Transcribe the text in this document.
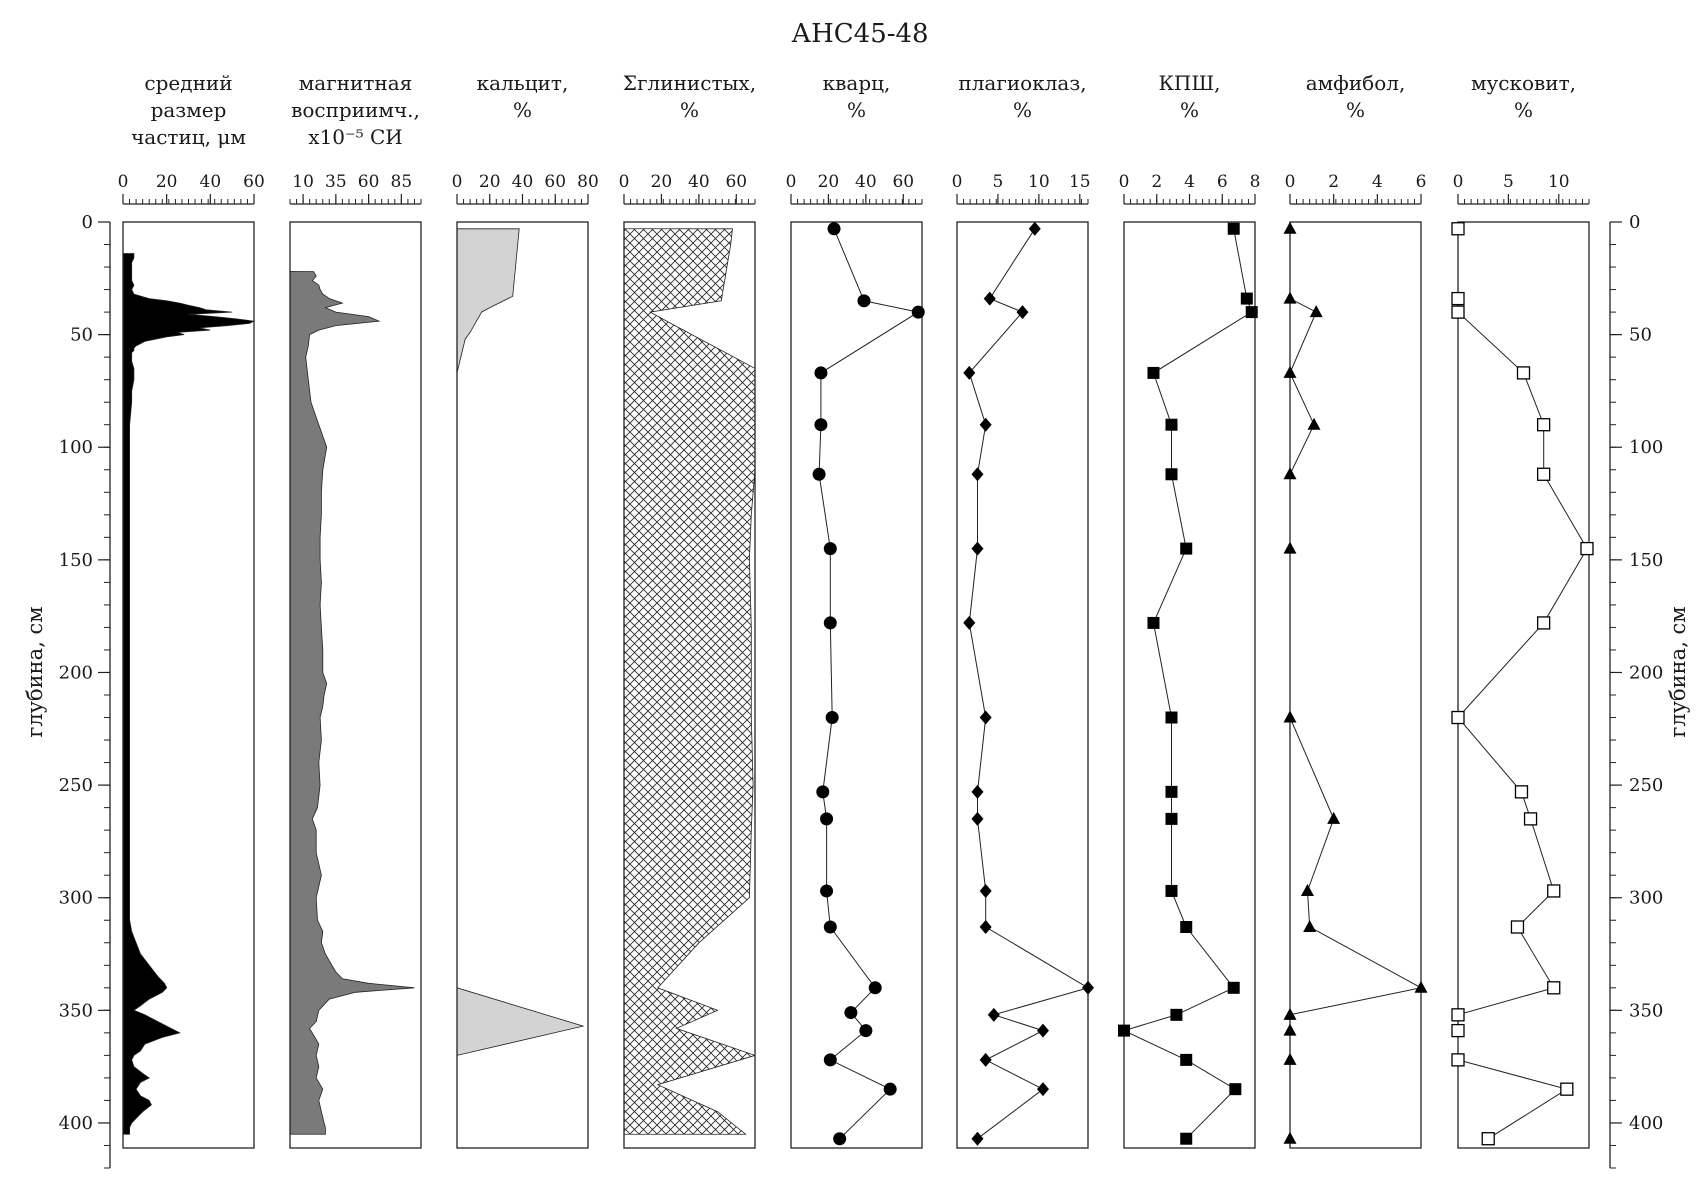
АНС45-48
средний
размер
частиц, μм
0 20 40 60
магнитная
восприимч.,
x10⁻⁵ СИ
10 35 60 85
кальцит,
%
0 20 40 60 80
Σглинистых,
%
0 20 40 60
кварц,
%
0 20 40 60
плагиоклаз,
%
0 5 10 15
КПШ,
%
0 2 4 6 8
амфибол,
%
0 2 4 6
мусковит,
%
0 5 10
0
50
100
150
200
250
300
350
400
0
50
100
150
200
250
300
350
400
глубина, см	глубина, см
